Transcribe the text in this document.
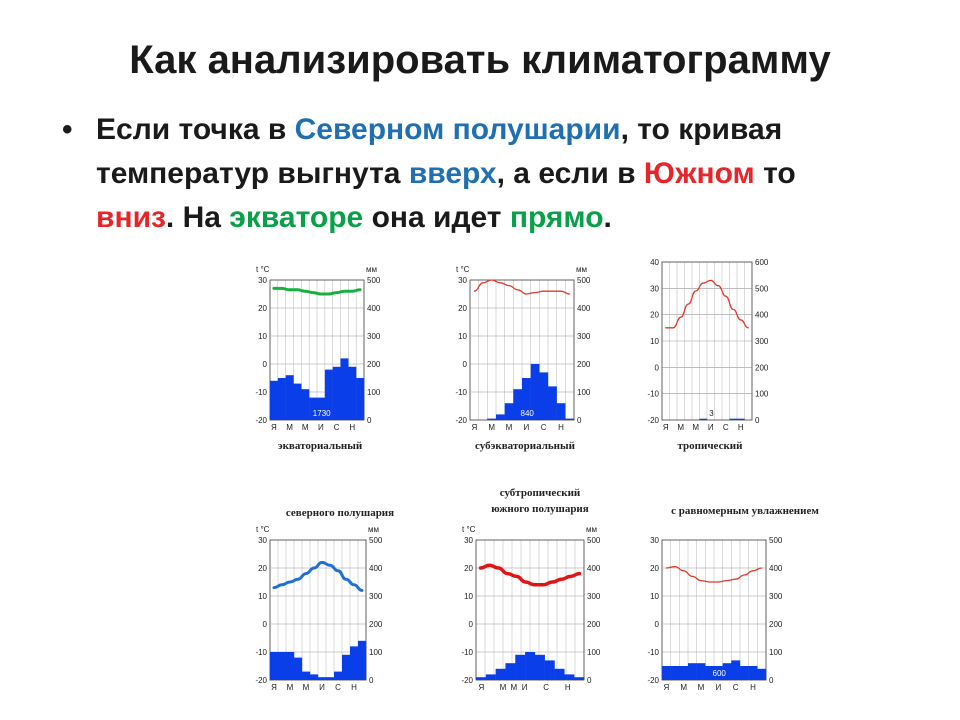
Как анализировать климатограмму
• Если точка в Северном полушарии, то кривая температур выгнута вверх, а если в Южном то вниз. На экваторе она идет прямо.
-20
-10
0
10
20
30
0
100
200
300
400
500
Я М М И С Н
t °C	мм
1730
экваториальный
-20
-10
0
10
20
30
0
100
200
300
400
500
Я М М И С Н
t °C	мм
840
субэкваториальный
-20
-10
0
10
20
30
40
0
100
200
300
400
500
600
Я М М И С Н
3
тропический
северного полушария
-20
-10
0
10
20
30
0
100
200
300
400
500
Я М М И С Н
t °C	мм
субтропический
южного полушария
-20
-10
0
10
20
30
0
100
200
300
400
500
Я М М И С Н
t °C	мм
с равномерным увлажнением
-20
-10
0
10
20
30
0
100
200
300
400
500
Я М М И С Н
600
